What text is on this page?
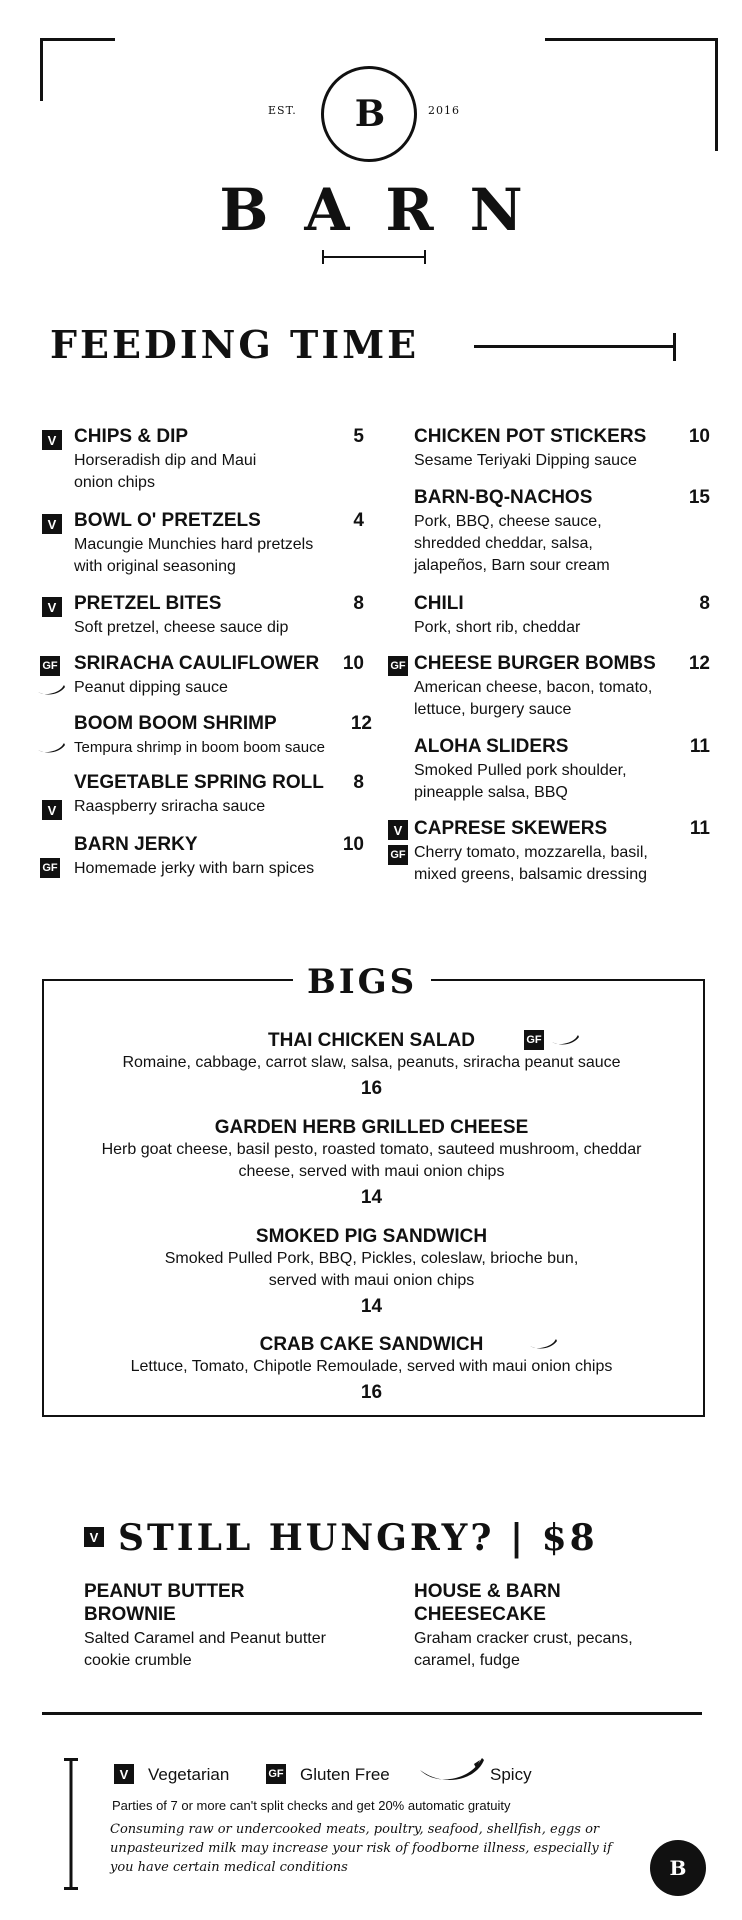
EST. B	2016
BARN
FEEDING TIME
V CHIPS & DIP	5
Horseradish dip and Maui onion chips
V BOWL O' PRETZELS	4
Macungie Munchies hard pretzels with original seasoning
V PRETZEL BITES	8
Soft pretzel, cheese sauce dip
GF SRIRACHA CAULIFLOWER 10
Peanut dipping sauce
BOOM BOOM SHRIMP	12
Tempura shrimp in boom boom sauce
V
VEGETABLE SPRING ROLL 8
Raaspberry sriracha sauce
GF
BARN JERKY	10
Homemade jerky with barn spices
CHICKEN POT STICKERS 10
Sesame Teriyaki Dipping sauce
BARN-BQ-NACHOS	15
Pork, BBQ, cheese sauce, shredded cheddar, salsa, jalapeños, Barn sour cream
CHILI	8
Pork, short rib, cheddar
GF CHEESE BURGER BOMBS 12
American cheese, bacon, tomato, lettuce, burgery sauce
ALOHA SLIDERS	11
Smoked Pulled pork shoulder, pineapple salsa, BBQ
V
GF
CAPRESE SKEWERS	11
Cherry tomato, mozzarella, basil, mixed greens, balsamic dressing
BIGS
THAI CHICKEN SALAD
Romaine, cabbage, carrot slaw, salsa, peanuts, sriracha peanut sauce
16
GF
GARDEN HERB GRILLED CHEESE
Herb goat cheese, basil pesto, roasted tomato, sauteed mushroom, cheddar cheese, served with maui onion chips
14
SMOKED PIG SANDWICH
Smoked Pulled Pork, BBQ, Pickles, coleslaw, brioche bun, served with maui onion chips
14
CRAB CAKE SANDWICH
Lettuce, Tomato, Chipotle Remoulade, served with maui onion chips
16
V STILL HUNGRY? | $8
PEANUT BUTTER BROWNIE
Salted Caramel and Peanut butter cookie crumble
HOUSE & BARN CHEESECAKE
Graham cracker crust, pecans, caramel, fudge
V	Vegetarian	GF Gluten Free	Spicy
Parties of 7 or more can't split checks and get 20% automatic gratuity
Consuming raw or undercooked meats, poultry, seafood, shellfish, eggs or unpasteurized milk may increase your risk of foodborne illness, especially if you have certain medical conditions	B
